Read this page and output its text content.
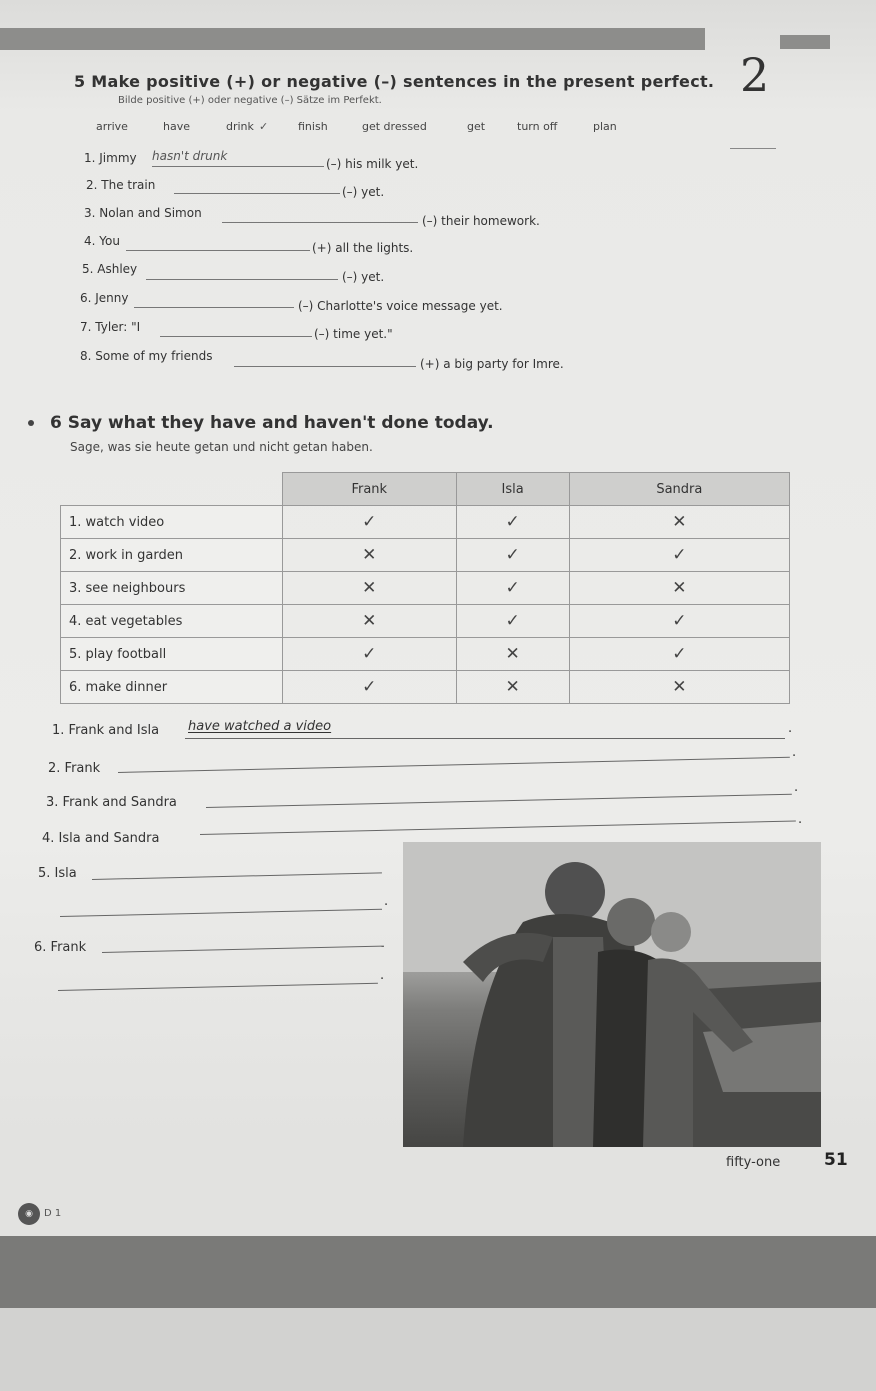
5 Make positive (+) or negative (–) sentences in the present perfect.
Bilde positive (+) oder negative (–) Sätze im Perfekt.	2
arrive	have	drink ✓	finish	get dressed	get	turn off	plan
1. Jimmy hasn't drunk
(–) his milk yet.
2. The train	(–) yet.
3. Nolan and Simon
(–) their homework.
4. You	(+) all the lights.
5. Ashley
(–) yet.
6. Jenny
(–) Charlotte's voice message yet.
7. Tyler: "I	(–) time yet."
8. Some of my friends
(+) a big party for Imre.
6 Say what they have and haven't done today.
Sage, was sie heute getan und nicht getan haben.
	Frank	Isla	Sandra
1. watch video	✓	✓	✕
2. work in garden	✕	✓	✓
3. see neighbours	✕	✓	✕
4. eat vegetables	✕	✓	✓
5. play football	✓	✕	✓
6. make dinner	✓	✕	✕
1. Frank and Isla have watched a video	.
2. Frank
.
3. Frank and Sandra
.
4. Isla and Sandra
.
5. Isla
.
6. Frank
.
fifty-one	51
◉	D 1
